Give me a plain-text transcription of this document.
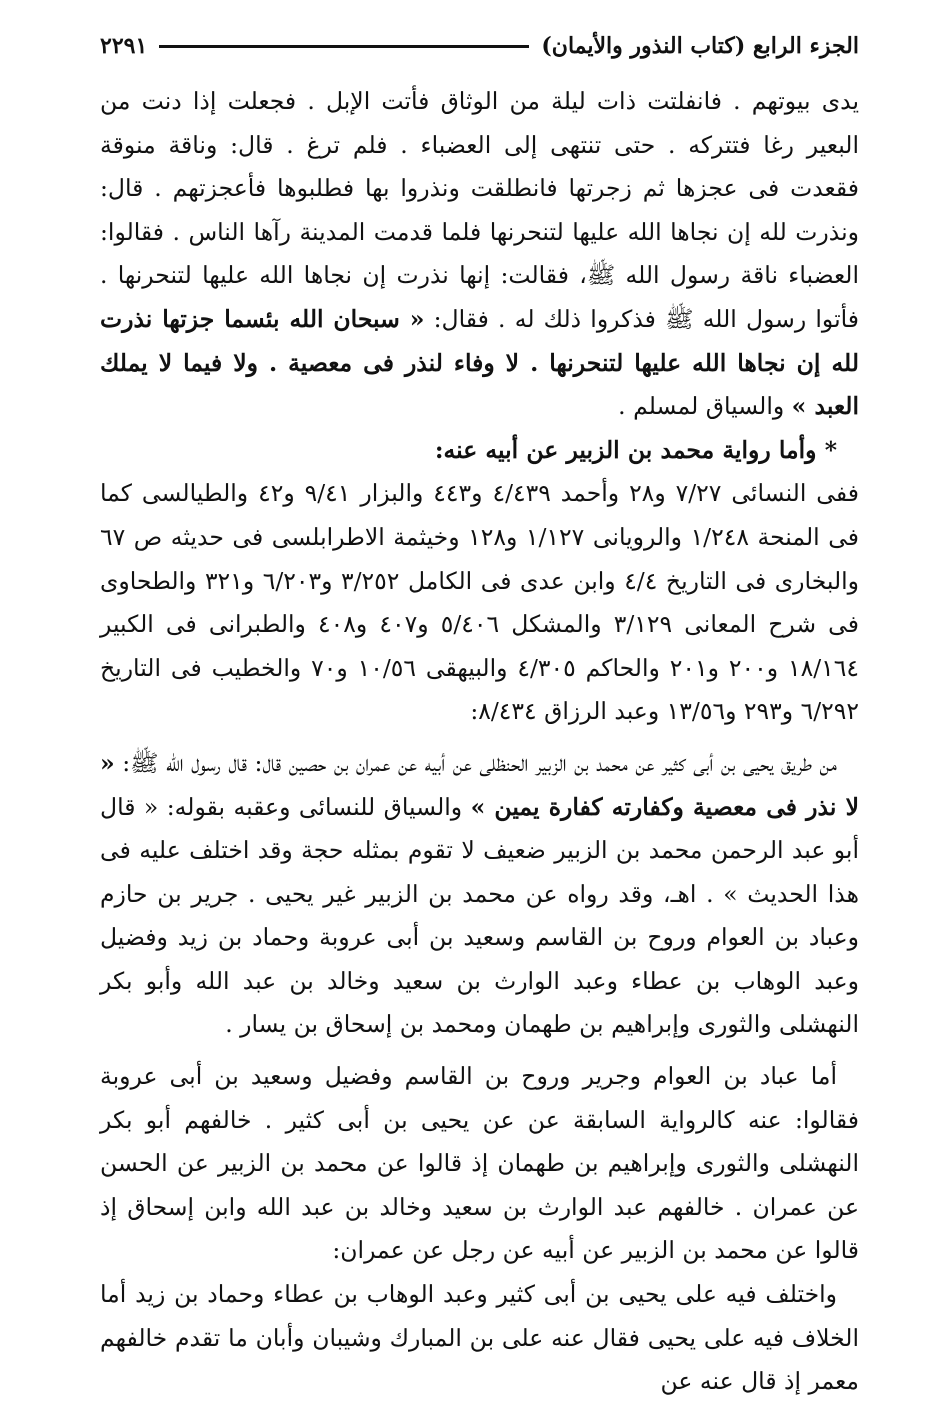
الجزء الرابع (كتاب النذور والأيمان)
٢٢٩١

يدى بيوتهم . فانفلتت ذات ليلة من الوثاق فأتت الإبل . فجعلت إذا دنت من البعير رغا فتتركه . حتى تنتهى إلى العضباء . فلم ترغ . قال: وناقة منوقة فقعدت فى عجزها ثم زجرتها فانطلقت ونذروا بها فطلبوها فأعجزتهم . قال: ونذرت لله إن نجاها الله عليها لتنحرنها فلما قدمت المدينة رآها الناس . فقالوا: العضباء ناقة رسول الله ﷺ، فقالت: إنها نذرت إن نجاها الله عليها لتنحرنها . فأتوا رسول الله ﷺ فذكروا ذلك له . فقال: « سبحان الله بئسما جزتها نذرت لله إن نجاها الله عليها لتنحرنها . لا وفاء لنذر فى معصية . ولا فيما لا يملك العبد » والسياق لمسلم .

* وأما رواية محمد بن الزبير عن أبيه عنه:

ففى النسائى ٧/٢٧ و٢٨ وأحمد ٤/٤٣٩ و٤٤٣ والبزار ٩/٤١ و٤٢ والطيالسى كما فى المنحة ١/٢٤٨ والرويانى ١/١٢٧ و١٢٨ وخيثمة الاطرابلسى فى حديثه ص ٦٧ والبخارى فى التاريخ ٤/٤ وابن عدى فى الكامل ٣/٢٥٢ و٦/٢٠٣ و٣٢١ والطحاوى فى شرح المعانى ٣/١٢٩ والمشكل ٥/٤٠٦ و٤٠٧ و٤٠٨ والطبرانى فى الكبير ١٨/١٦٤ و٢٠٠ و٢٠١ والحاكم ٤/٣٠٥ والبيهقى ١٠/٥٦ و٧٠ والخطيب فى التاريخ ٦/٢٩٢ و٢٩٣ و١٣/٥٦ وعبد الرزاق ٨/٤٣٤:

من طريق يحيى بن أبى كثير عن محمد بن الزبير الحنظلى عن أبيه عن عمران بن حصين قال: قال رسول الله ﷺ: « لا نذر فى معصية وكفارته كفارة يمين » والسياق للنسائى وعقبه بقوله: « قال أبو عبد الرحمن محمد بن الزبير ضعيف لا تقوم بمثله حجة وقد اختلف عليه فى هذا الحديث » . اهـ، وقد رواه عن محمد بن الزبير غير يحيى . جرير بن حازم وعباد بن العوام وروح بن القاسم وسعيد بن أبى عروبة وحماد بن زيد وفضيل وعبد الوهاب بن عطاء وعبد الوارث بن سعيد وخالد بن عبد الله وأبو بكر النهشلى والثورى وإبراهيم بن طهمان ومحمد بن إسحاق بن يسار .

أما عباد بن العوام وجرير وروح بن القاسم وفضيل وسعيد بن أبى عروبة فقالوا: عنه كالرواية السابقة عن عن يحيى بن أبى كثير . خالفهم أبو بكر النهشلى والثورى وإبراهيم بن طهمان إذ قالوا عن محمد بن الزبير عن الحسن عن عمران . خالفهم عبد الوارث بن سعيد وخالد بن عبد الله وابن إسحاق إذ قالوا عن محمد بن الزبير عن أبيه عن رجل عن عمران:

واختلف فيه على يحيى بن أبى كثير وعبد الوهاب بن عطاء وحماد بن زيد أما الخلاف فيه على يحيى فقال عنه على بن المبارك وشيبان وأبان ما تقدم خالفهم معمر إذ قال عنه عن
